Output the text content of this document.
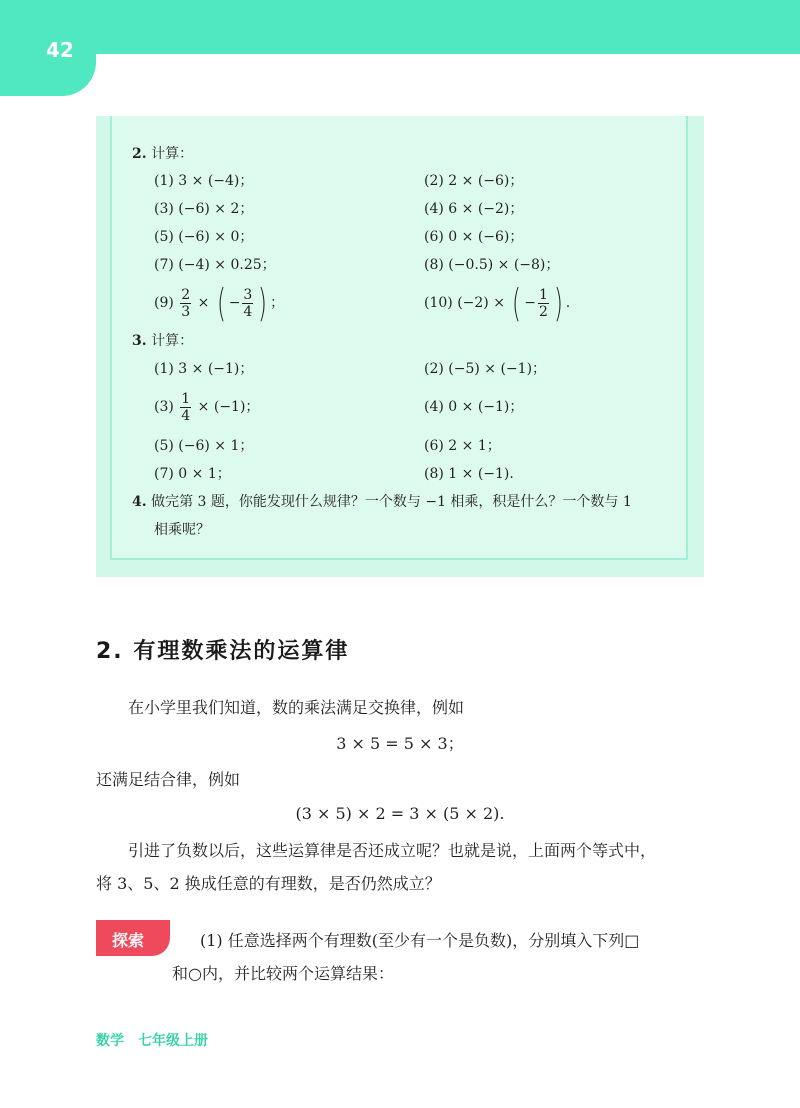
42
2. 计算：
(1) 3 × (−4)；	(2) 2 × (−6)；
(3) (−6) × 2；	(4) 6 × (−2)；
(5) (−6) × 0；	(6) 0 × (−6)；
(7) (−4) × 0.25；	(8) (−0.5) × (−8)；
$(9) \frac{2}{3}$ × ( − $\frac{3}{4}$ ) ；	(10) (−2) × ( − $\frac{1}{2}$ ) .
3. 计算：
(1) 3 × (−1)；	(2) (−5) × (−1)；
$(3) \frac{1}{4} \times (-1)$；	(4) 0 × (−1)；
(5) (−6) × 1；	(6) 2 × 1；
(7) 0 × 1；	(8) 1 × (−1).
4. 做完第 3 题，你能发现什么规律？一个数与 −1 相乘，积是什么？一个数与 1
相乘呢？
2. 有理数乘法的运算律
在小学里我们知道，数的乘法满足交换律，例如
3 × 5 = 5 × 3；
还满足结合律，例如
(3 × 5) × 2 = 3 × (5 × 2).
引进了负数以后，这些运算律是否还成立呢？也就是说，上面两个等式中，
将 3、5、2 换成任意的有理数，是否仍然成立？
探索	(1) 任意选择两个有理数(至少有一个是负数)，分别填入下列□
和○内，并比较两个运算结果：
数学　七年级上册
